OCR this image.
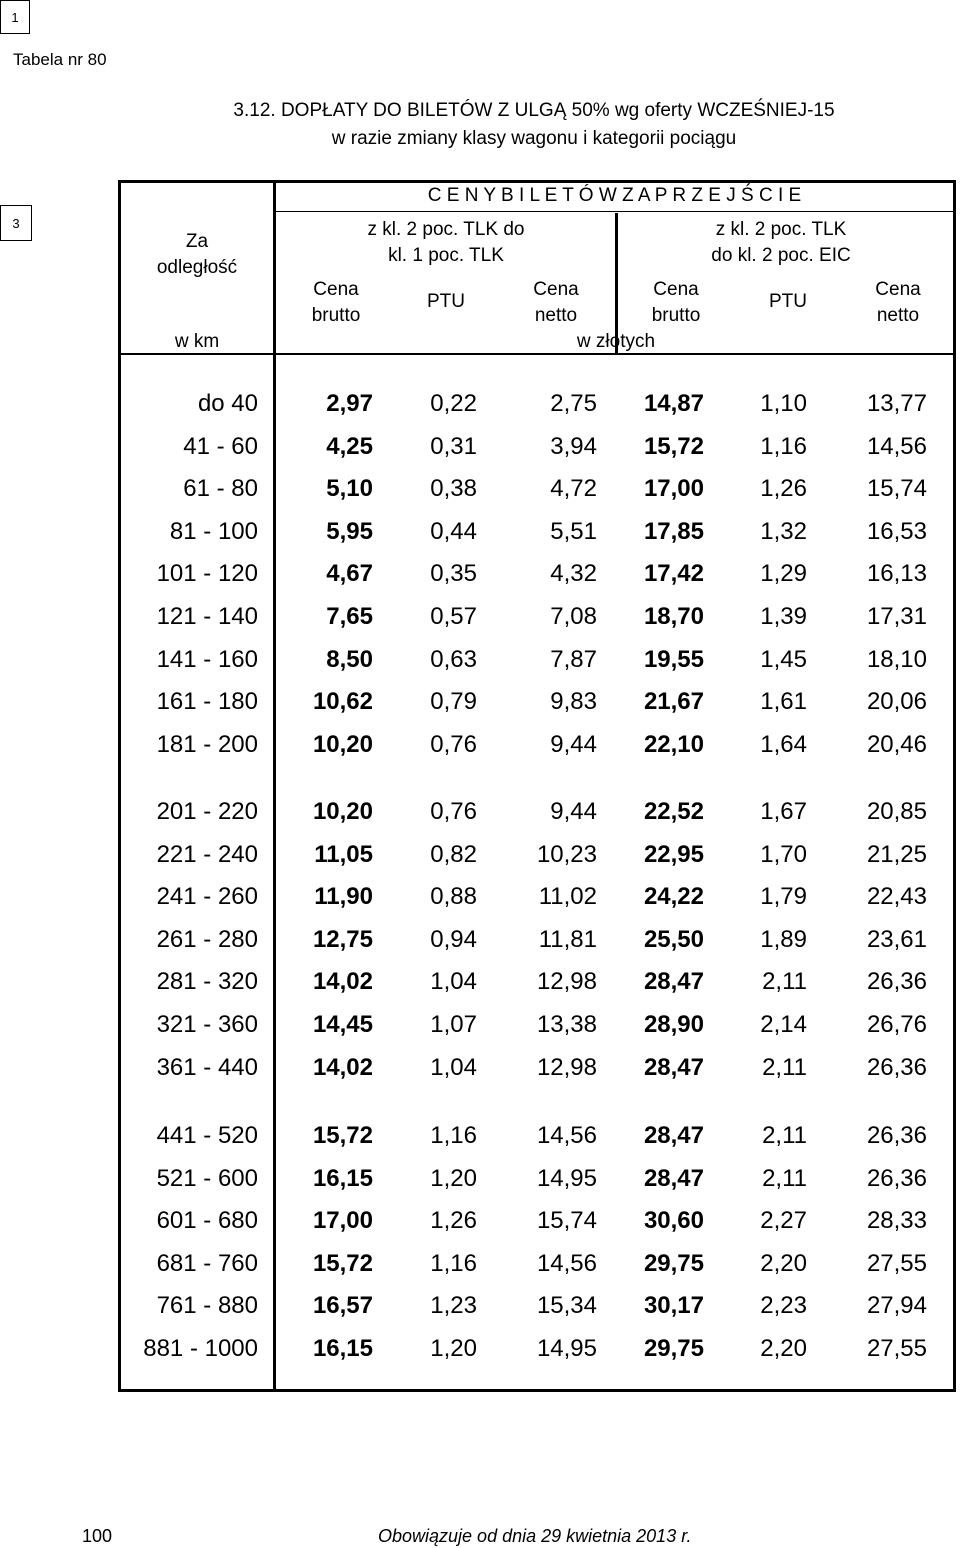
1
3
Tabela nr 80
3.12. DOPŁATY DO BILETÓW Z ULGĄ 50% wg oferty WCZEŚNIEJ-15
w razie zmiany klasy wagonu i kategorii pociągu
Za
odległość
w km
C E N Y B I L E T Ó W Z A P R Z E J Ś C I E
z kl. 2 poc. TLK do
kl. 1 poc. TLK
z kl. 2 poc. TLK
do kl. 2 poc. EIC
Cena
brutto
PTU
Cena
netto
Cena
brutto
PTU
Cena
netto
w złotych
do 40	2,97	0,22	2,75	14,87	1,10	13,77
41 - 60	4,25	0,31	3,94	15,72	1,16	14,56
61 - 80	5,10	0,38	4,72	17,00	1,26	15,74
81 - 100	5,95	0,44	5,51	17,85	1,32	16,53
101 - 120	4,67	0,35	4,32	17,42	1,29	16,13
121 - 140	7,65	0,57	7,08	18,70	1,39	17,31
141 - 160	8,50	0,63	7,87	19,55	1,45	18,10
161 - 180	10,62	0,79	9,83	21,67	1,61	20,06
181 - 200	10,20	0,76	9,44	22,10	1,64	20,46
201 - 220	10,20	0,76	9,44	22,52	1,67	20,85
221 - 240	11,05	0,82	10,23	22,95	1,70	21,25
241 - 260	11,90	0,88	11,02	24,22	1,79	22,43
261 - 280	12,75	0,94	11,81	25,50	1,89	23,61
281 - 320	14,02	1,04	12,98	28,47	2,11	26,36
321 - 360	14,45	1,07	13,38	28,90	2,14	26,76
361 - 440	14,02	1,04	12,98	28,47	2,11	26,36
441 - 520	15,72	1,16	14,56	28,47	2,11	26,36
521 - 600	16,15	1,20	14,95	28,47	2,11	26,36
601 - 680	17,00	1,26	15,74	30,60	2,27	28,33
681 - 760	15,72	1,16	14,56	29,75	2,20	27,55
761 - 880	16,57	1,23	15,34	30,17	2,23	27,94
881 - 1000	16,15	1,20	14,95	29,75	2,20	27,55
100	Obowiązuje od dnia 29 kwietnia 2013 r.
